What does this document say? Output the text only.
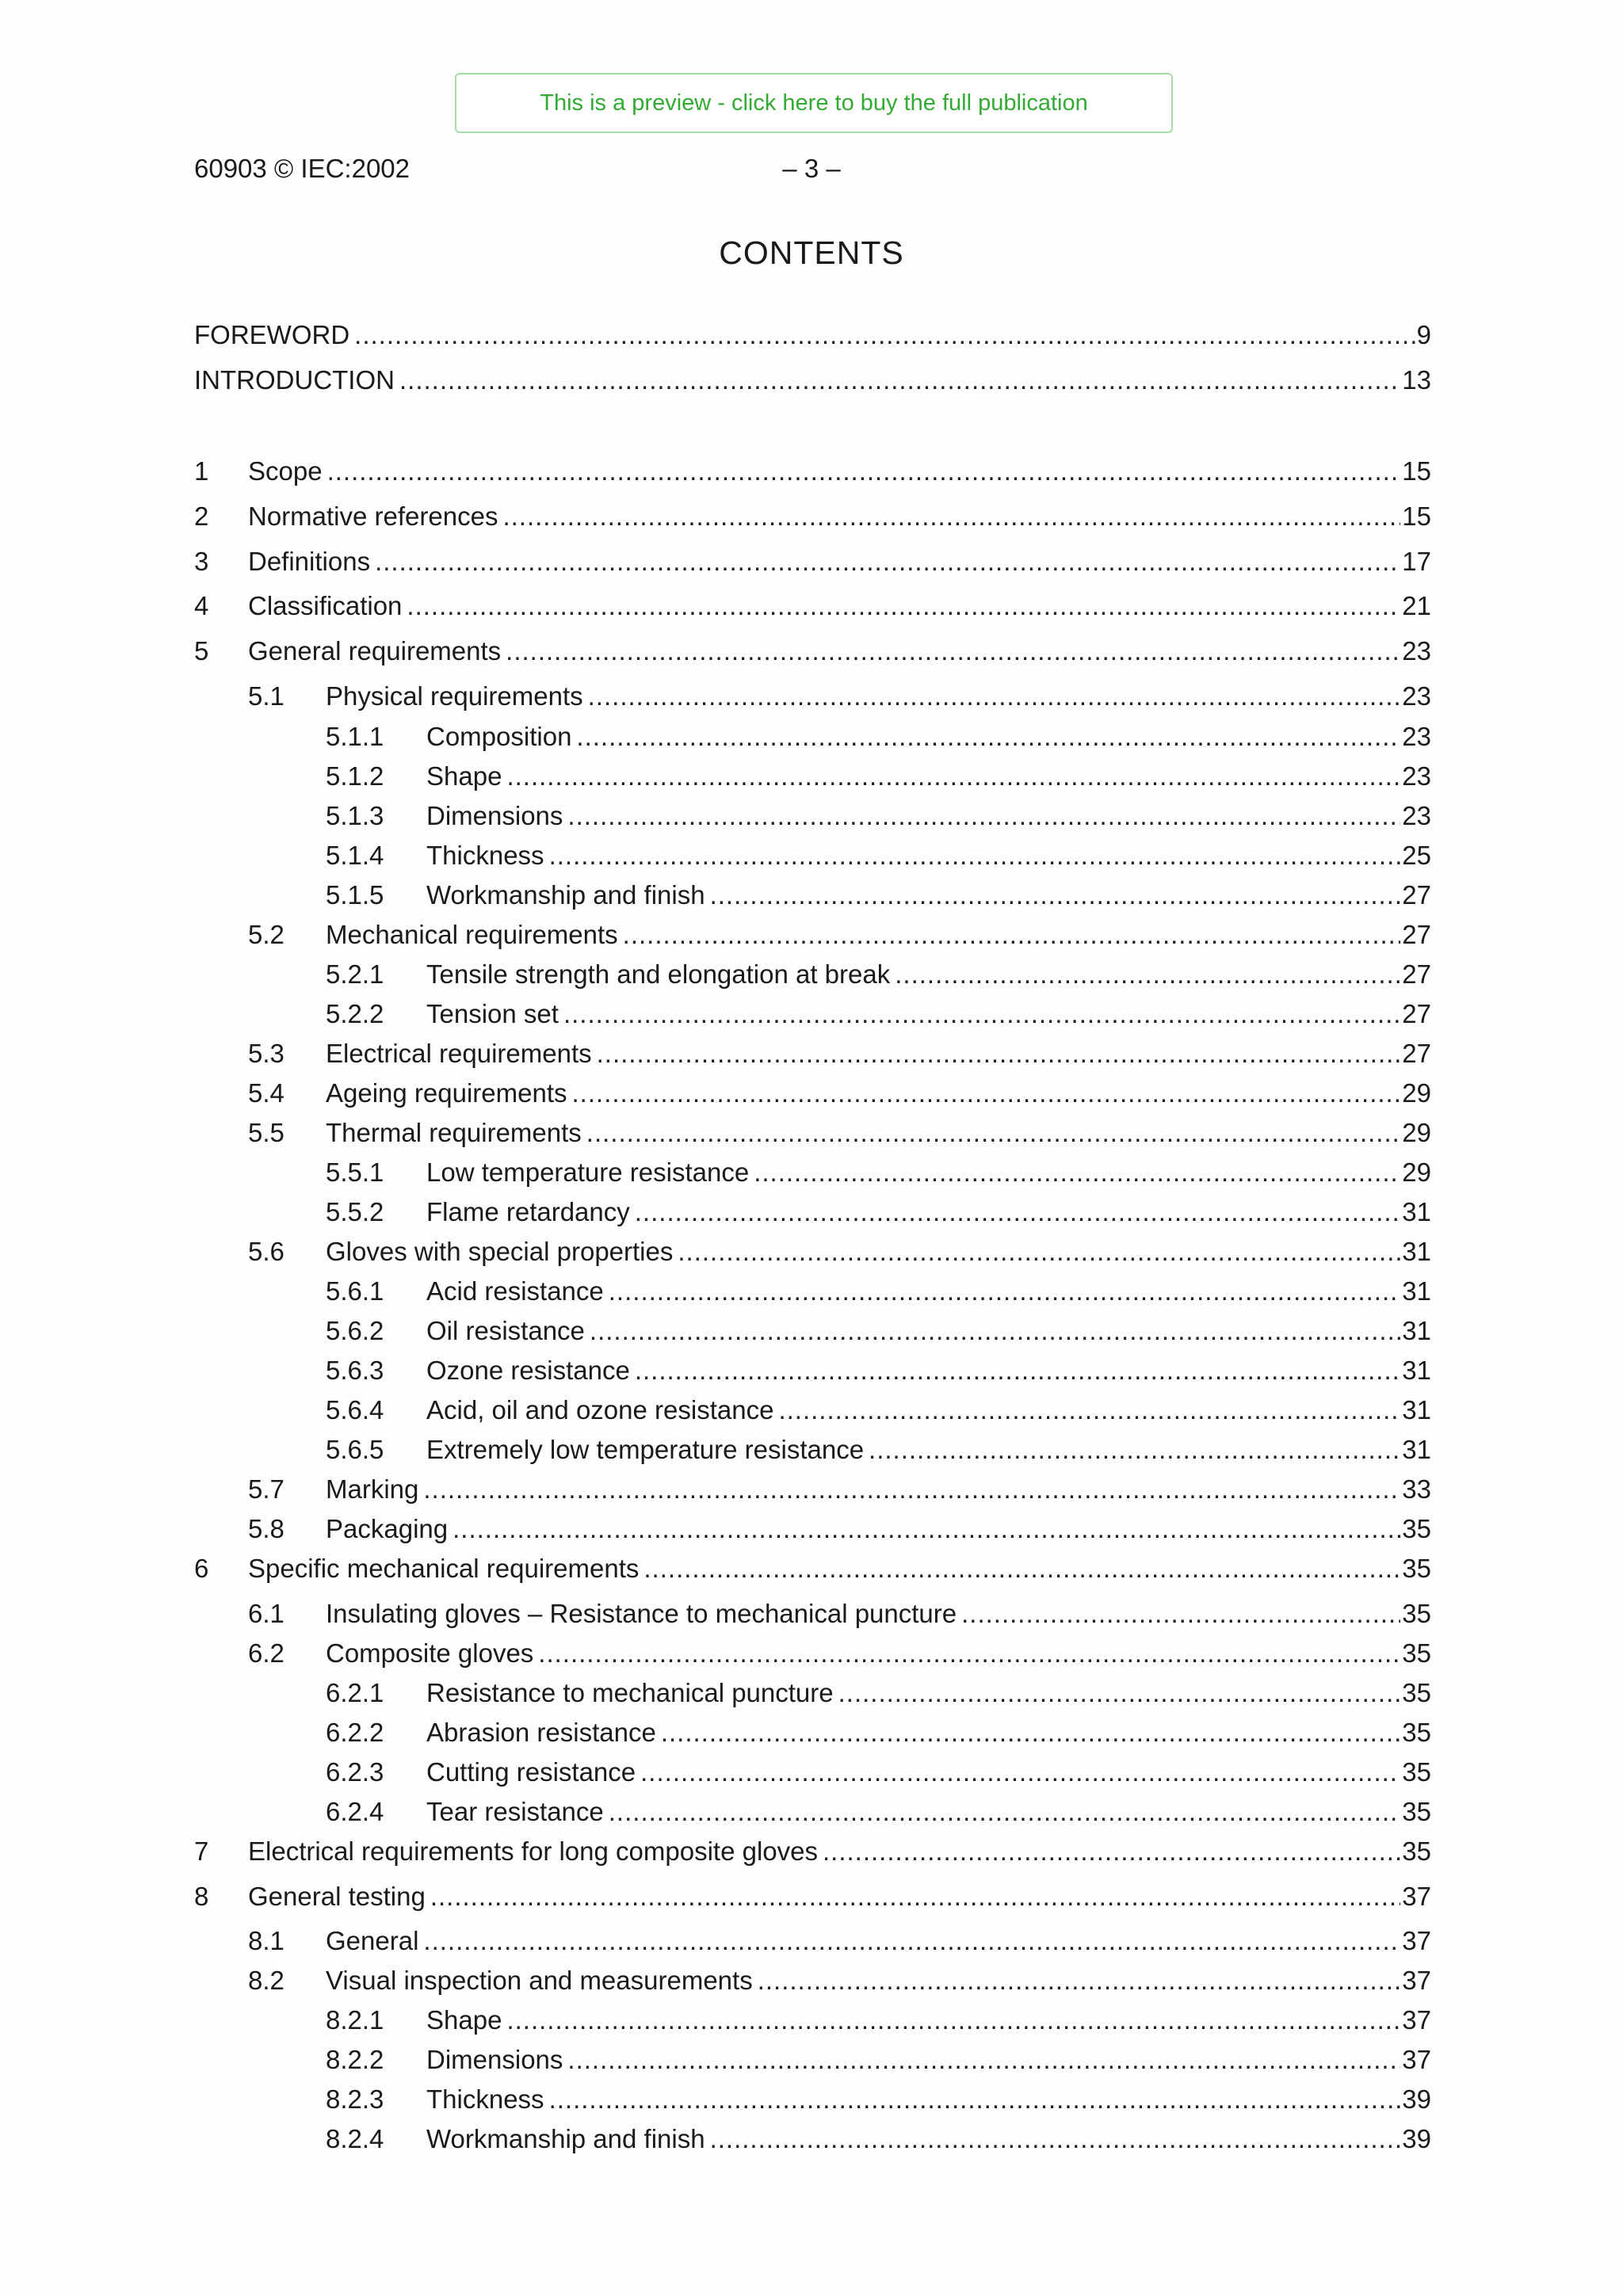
This is a preview - click here to buy the full publication
60903 © IEC:2002	– 3 –
CONTENTS
FOREWORD .....	9
INTRODUCTION .....	13
1	Scope .....	15
2	Normative references .....	15
3	Definitions .....	17
4	Classification .....	21
5	General requirements .....	23
5.1	Physical requirements .....	23
5.1.1	Composition .....	23
5.1.2	Shape .....	23
5.1.3	Dimensions .....	23
5.1.4	Thickness .....	25
5.1.5	Workmanship and finish .....	27
5.2	Mechanical requirements .....	27
5.2.1	Tensile strength and elongation at break .....	27
5.2.2	Tension set .....	27
5.3	Electrical requirements .....	27
5.4	Ageing requirements .....	29
5.5	Thermal requirements .....	29
5.5.1	Low temperature resistance .....	29
5.5.2	Flame retardancy .....	31
5.6	Gloves with special properties .....	31
5.6.1	Acid resistance .....	31
5.6.2	Oil resistance .....	31
5.6.3	Ozone resistance .....	31
5.6.4	Acid, oil and ozone resistance .....	31
5.6.5	Extremely low temperature resistance .....	31
5.7	Marking .....	33
5.8	Packaging .....	35
6	Specific mechanical requirements .....	35
6.1	Insulating gloves – Resistance to mechanical puncture .....	35
6.2	Composite gloves .....	35
6.2.1	Resistance to mechanical puncture .....	35
6.2.2	Abrasion resistance .....	35
6.2.3	Cutting resistance .....	35
6.2.4	Tear resistance .....	35
7	Electrical requirements for long composite gloves .....	35
8	General testing .....	37
8.1	General .....	37
8.2	Visual inspection and measurements .....	37
8.2.1	Shape .....	37
8.2.2	Dimensions .....	37
8.2.3	Thickness .....	39
8.2.4	Workmanship and finish .....	39
